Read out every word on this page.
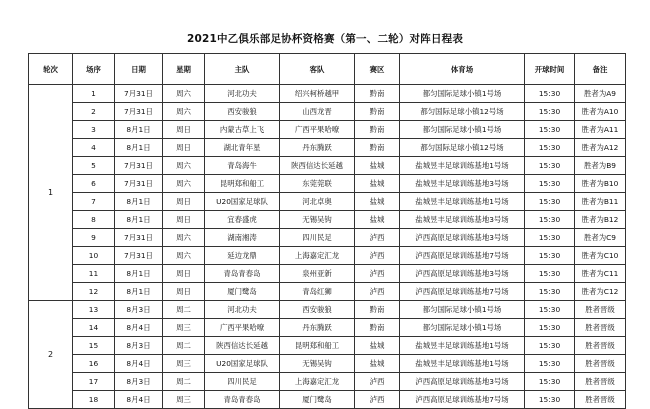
2021中乙俱乐部足协杯资格赛（第一、二轮）对阵日程表
轮次	场序	日期	星期	主队	客队	赛区	体育场	开球时间	备注
1	1	7月31日	周六	河北功夫	绍兴柯桥越甲	黔南	都匀国际足球小镇1号场	15:30	胜者为A9
	2	7月31日	周六	西安骏狼	山西龙晋	黔南	都匀国际足球小镇12号场	15:30	胜者为A10
	3	8月1日	周日	内蒙古草上飞	广西平果哈嘹	黔南	都匀国际足球小镇1号场	15:30	胜者为A11
	4	8月1日	周日	湖北青年星	丹东腾跃	黔南	都匀国际足球小镇12号场	15:30	胜者为A12
	5	7月31日	周六	青岛海牛	陕西信达长延越	盐城	盐城昱丰足球训练基地1号场	15:30	胜者为B9
	6	7月31日	周六	昆明郑和船工	东莞莞联	盐城	盐城昱丰足球训练基地3号场	15:30	胜者为B10
	7	8月1日	周日	U20国家足球队	河北卓奥	盐城	盐城昱丰足球训练基地1号场	15:30	胜者为B11
	8	8月1日	周日	宜春盛虎	无锡吴钩	盐城	盐城昱丰足球训练基地3号场	15:30	胜者为B12
	9	7月31日	周六	湖南湘涛	四川民足	泸西	泸西高原足球训练基地3号场	15:30	胜者为C9
	10	7月31日	周六	延边龙鼎	上海嘉定汇龙	泸西	泸西高原足球训练基地7号场	15:30	胜者为C10
	11	8月1日	周日	青岛青春岛	泉州亚新	泸西	泸西高原足球训练基地3号场	15:30	胜者为C11
	12	8月1日	周日	厦门鹭岛	青岛红狮	泸西	泸西高原足球训练基地7号场	15:30	胜者为C12
2	13	8月3日	周二	河北功夫	西安骏狼	黔南	都匀国际足球小镇1号场	15:30	胜者晋级
	14	8月4日	周三	广西平果哈嘹	丹东腾跃	黔南	都匀国际足球小镇1号场	15:30	胜者晋级
	15	8月3日	周二	陕西信达长延越	昆明郑和船工	盐城	盐城昱丰足球训练基地1号场	15:30	胜者晋级
	16	8月4日	周三	U20国家足球队	无锡吴钩	盐城	盐城昱丰足球训练基地1号场	15:30	胜者晋级
	17	8月3日	周二	四川民足	上海嘉定汇龙	泸西	泸西高原足球训练基地3号场	15:30	胜者晋级
	18	8月4日	周三	青岛青春岛	厦门鹭岛	泸西	泸西高原足球训练基地7号场	15:30	胜者晋级
